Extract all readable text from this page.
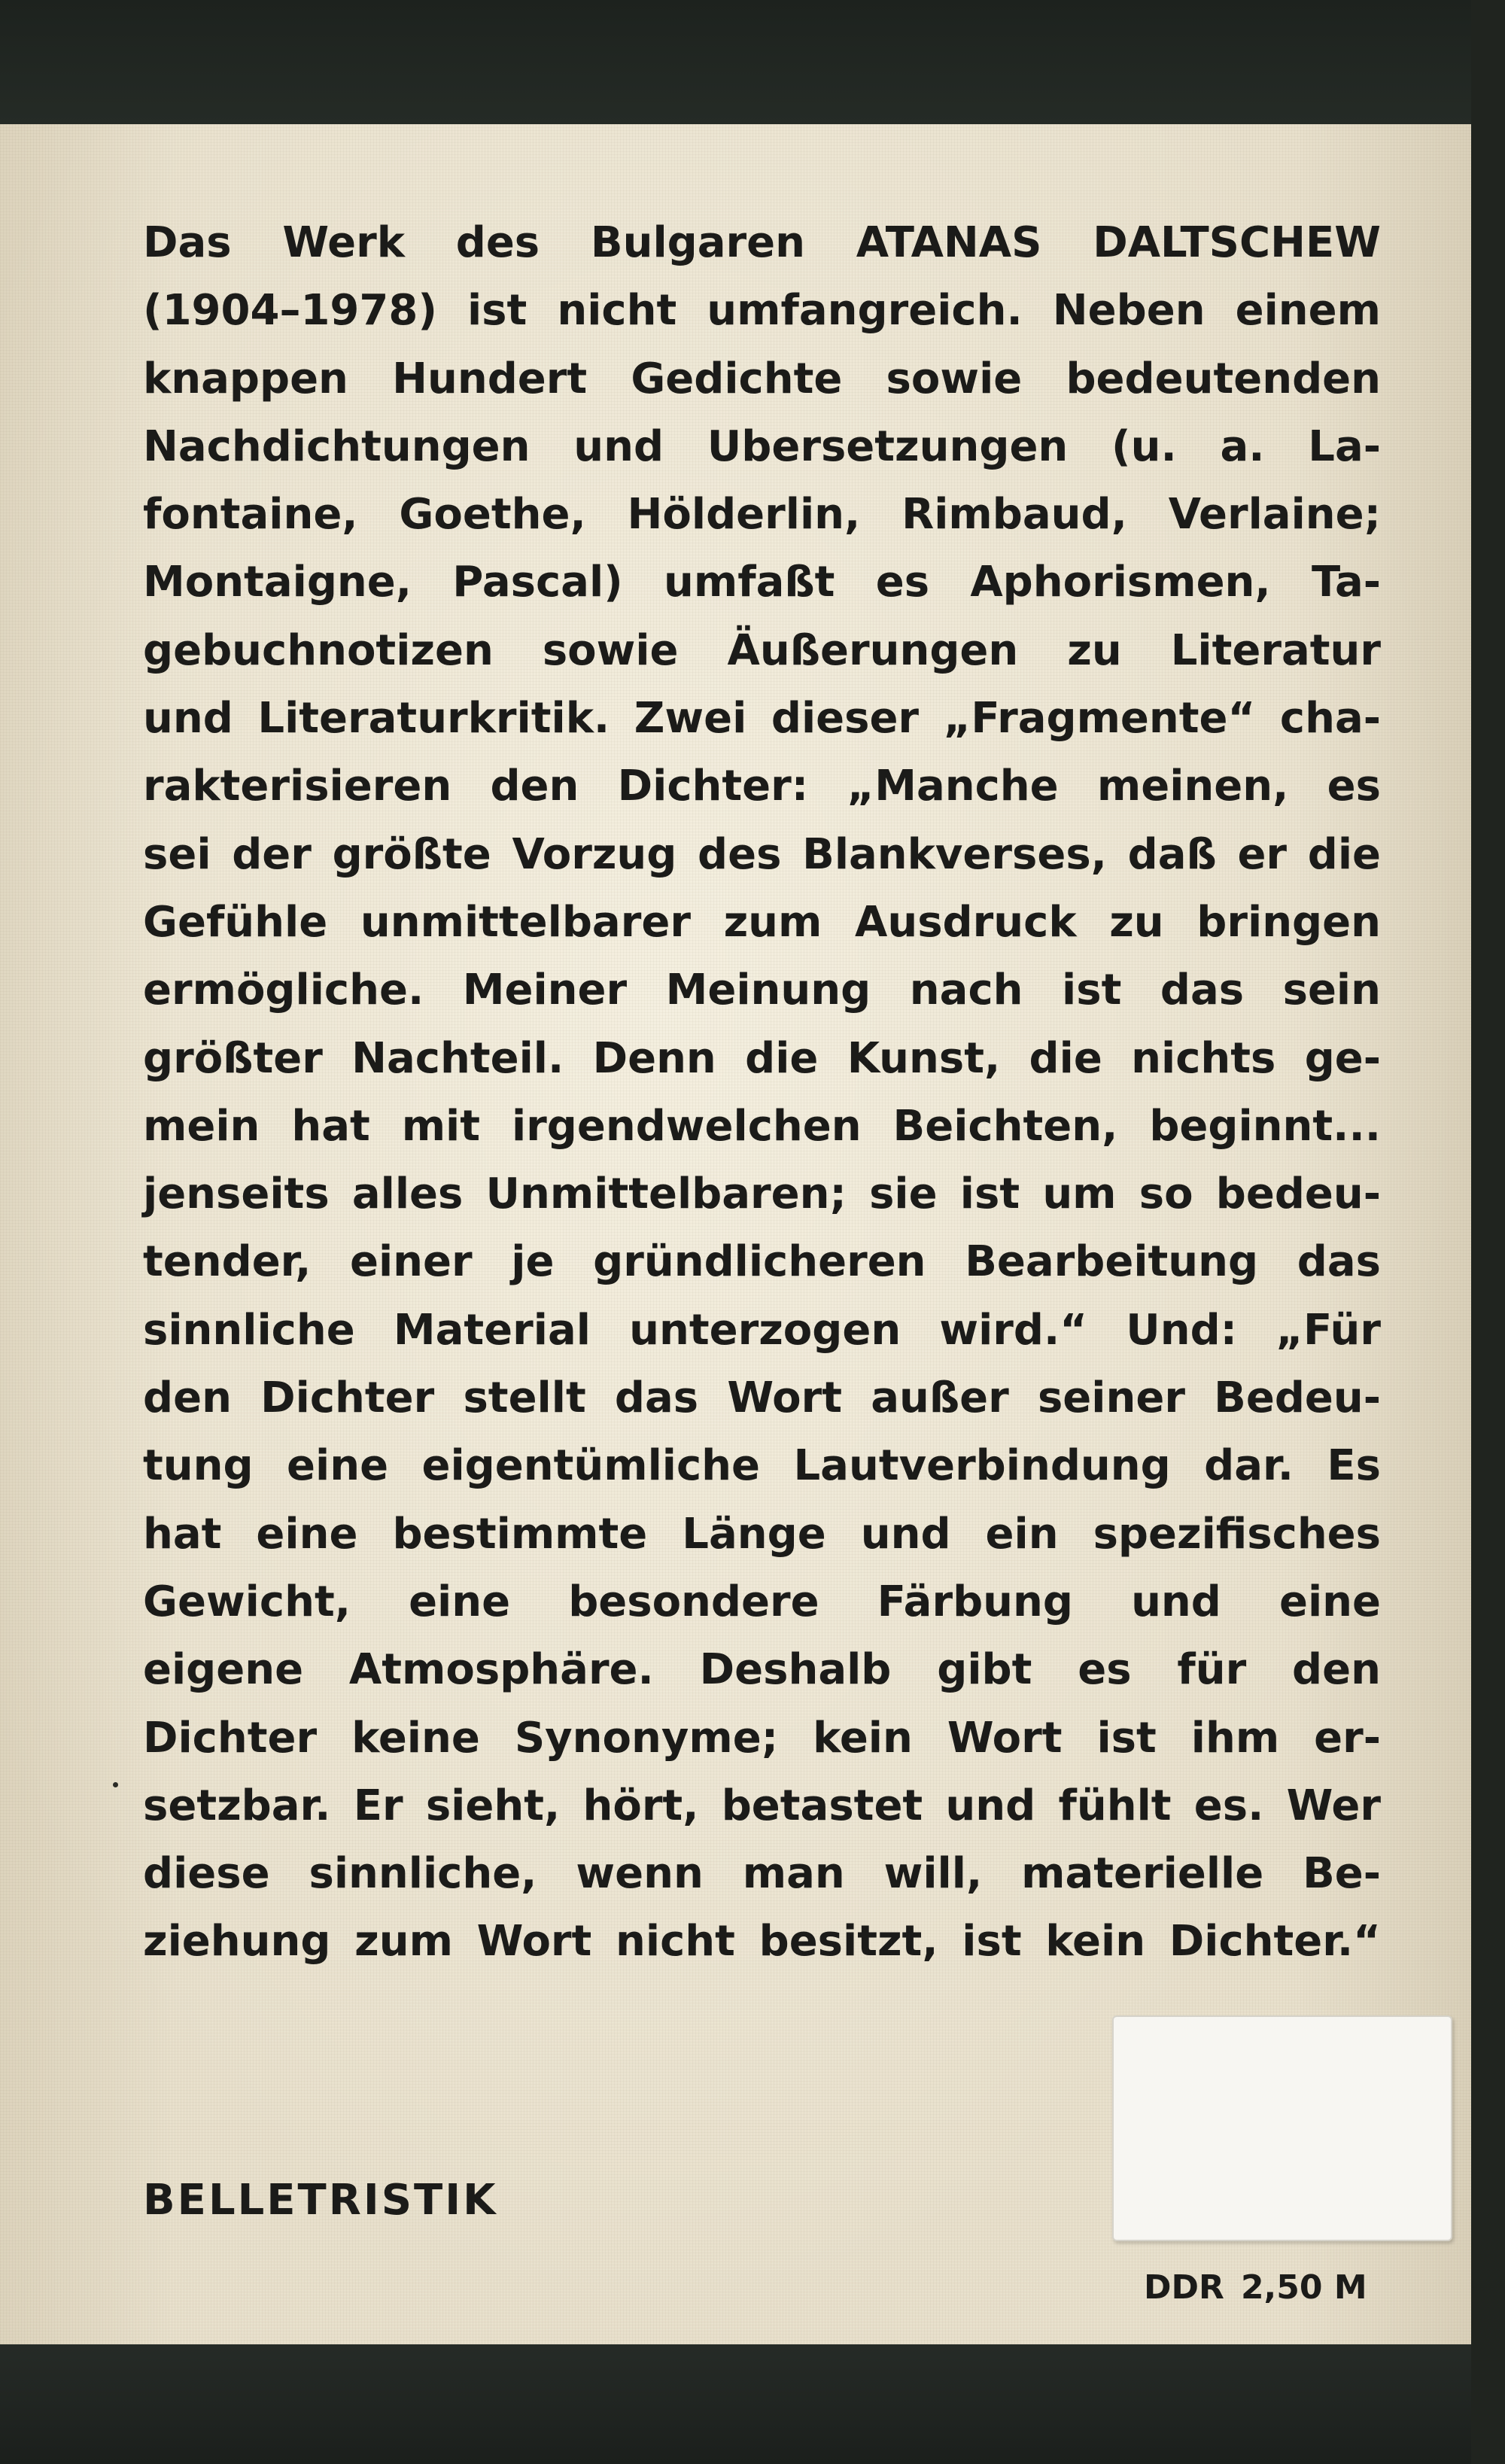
Das Werk des Bulgaren ATANAS DALTSCHEW
(1904–1978) ist nicht umfangreich. Neben einem
knappen Hundert Gedichte sowie bedeutenden
Nachdichtungen und Ubersetzungen (u. a. La-
fontaine, Goethe, Hölderlin, Rimbaud, Verlaine;
Montaigne, Pascal) umfaßt es Aphorismen, Ta-
gebuchnotizen sowie Äußerungen zu Literatur
und Literaturkritik. Zwei dieser „Fragmente“ cha-
rakterisieren den Dichter: „Manche meinen, es
sei der größte Vorzug des Blankverses, daß er die
Gefühle unmittelbarer zum Ausdruck zu bringen
ermögliche. Meiner Meinung nach ist das sein
größter Nachteil. Denn die Kunst, die nichts ge-
mein hat mit irgendwelchen Beichten, beginnt...
jenseits alles Unmittelbaren; sie ist um so bedeu-
tender, einer je gründlicheren Bearbeitung das
sinnliche Material unterzogen wird.“ Und: „Für
den Dichter stellt das Wort außer seiner Bedeu-
tung eine eigentümliche Lautverbindung dar. Es
hat eine bestimmte Länge und ein spezifisches
Gewicht, eine besondere Färbung und eine
eigene Atmosphäre. Deshalb gibt es für den
Dichter keine Synonyme; kein Wort ist ihm er-
setzbar. Er sieht, hört, betastet und fühlt es. Wer
diese sinnliche, wenn man will, materielle Be-
ziehung zum Wort nicht besitzt, ist kein Dichter.“
BELLETRISTIK
DDR 2,50 M
